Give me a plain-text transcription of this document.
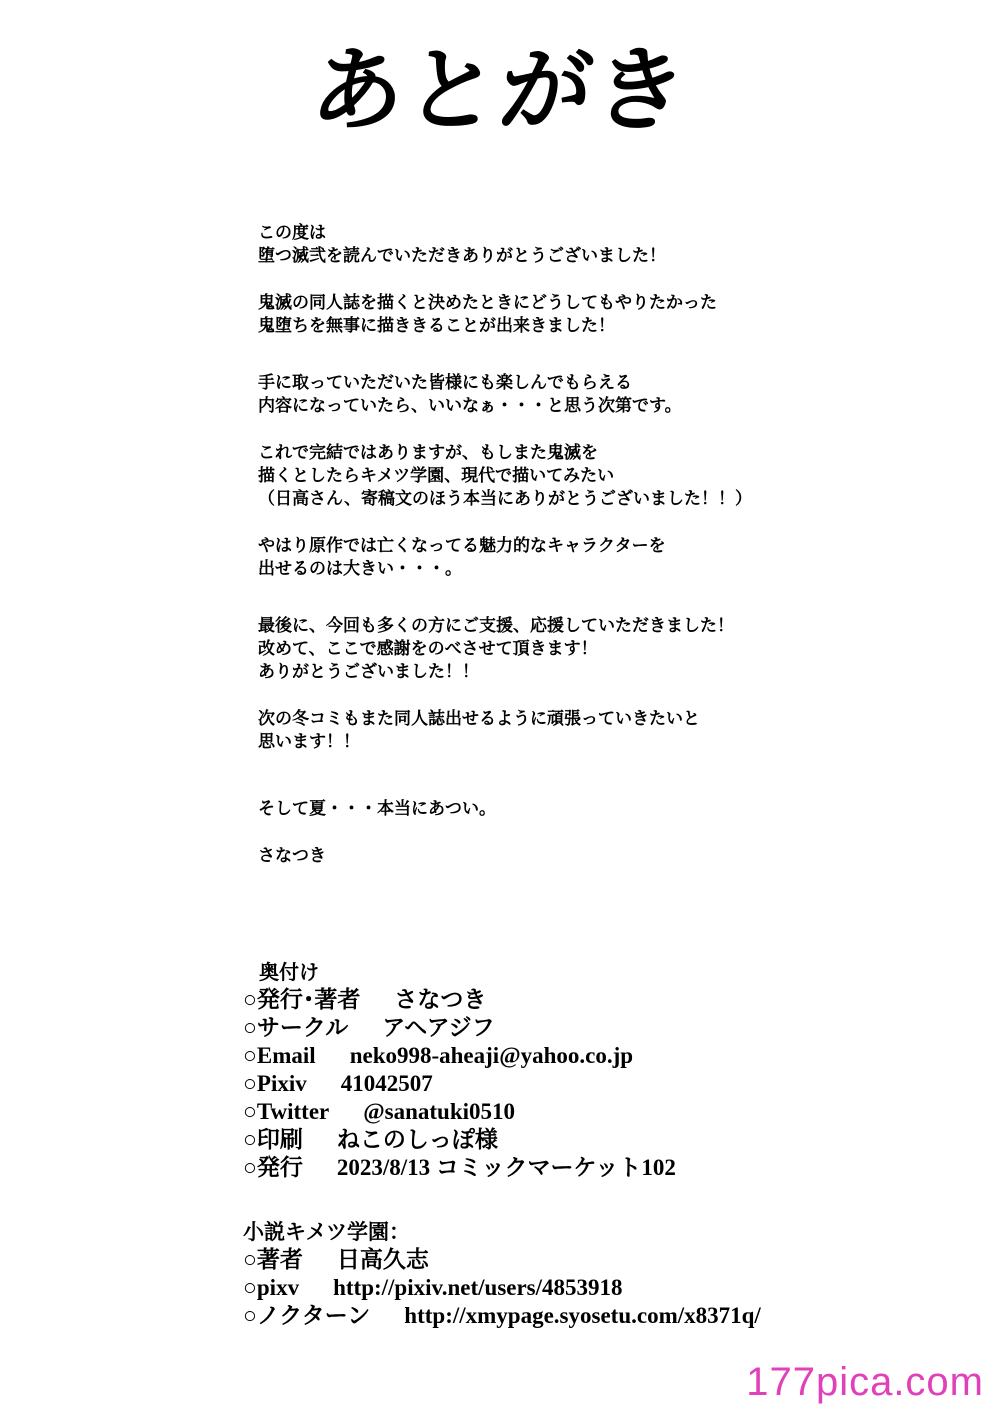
あとがき
この度は
堕つ滅弐を読んでいただきありがとうございました！
鬼滅の同人誌を描くと決めたときにどうしてもやりたかった
鬼堕ちを無事に描ききることが出来きました！
手に取っていただいた皆様にも楽しんでもらえる
内容になっていたら、いいなぁ・・・と思う次第です。
これで完結ではありますが、もしまた鬼滅を
描くとしたらキメツ学園、現代で描いてみたい
（日高さん、寄稿文のほう本当にありがとうございました！！）
やはり原作では亡くなってる魅力的なキャラクターを
出せるのは大きい・・・。
最後に、今回も多くの方にご支援、応援していただきました！
改めて、ここで感謝をのべさせて頂きます！
ありがとうございました！！
次の冬コミもまた同人誌出せるように頑張っていきたいと
思います！！
そして夏・・・本当にあつい。
さなつき
奥付け
○発行･著者 さなつき
○サークル アヘアジフ
○Email neko998-aheaji@yahoo.co.jp
○Pixiv 41042507
○Twitter @sanatuki0510
○印刷 ねこのしっぽ様
○発行 2023/8/13 コミックマーケット102
小説キメツ学園：
○著者 日高久志
○pixv http://pixiv.net/users/4853918
○ノクターン http://xmypage.syosetu.com/x8371q/
177pica.com
